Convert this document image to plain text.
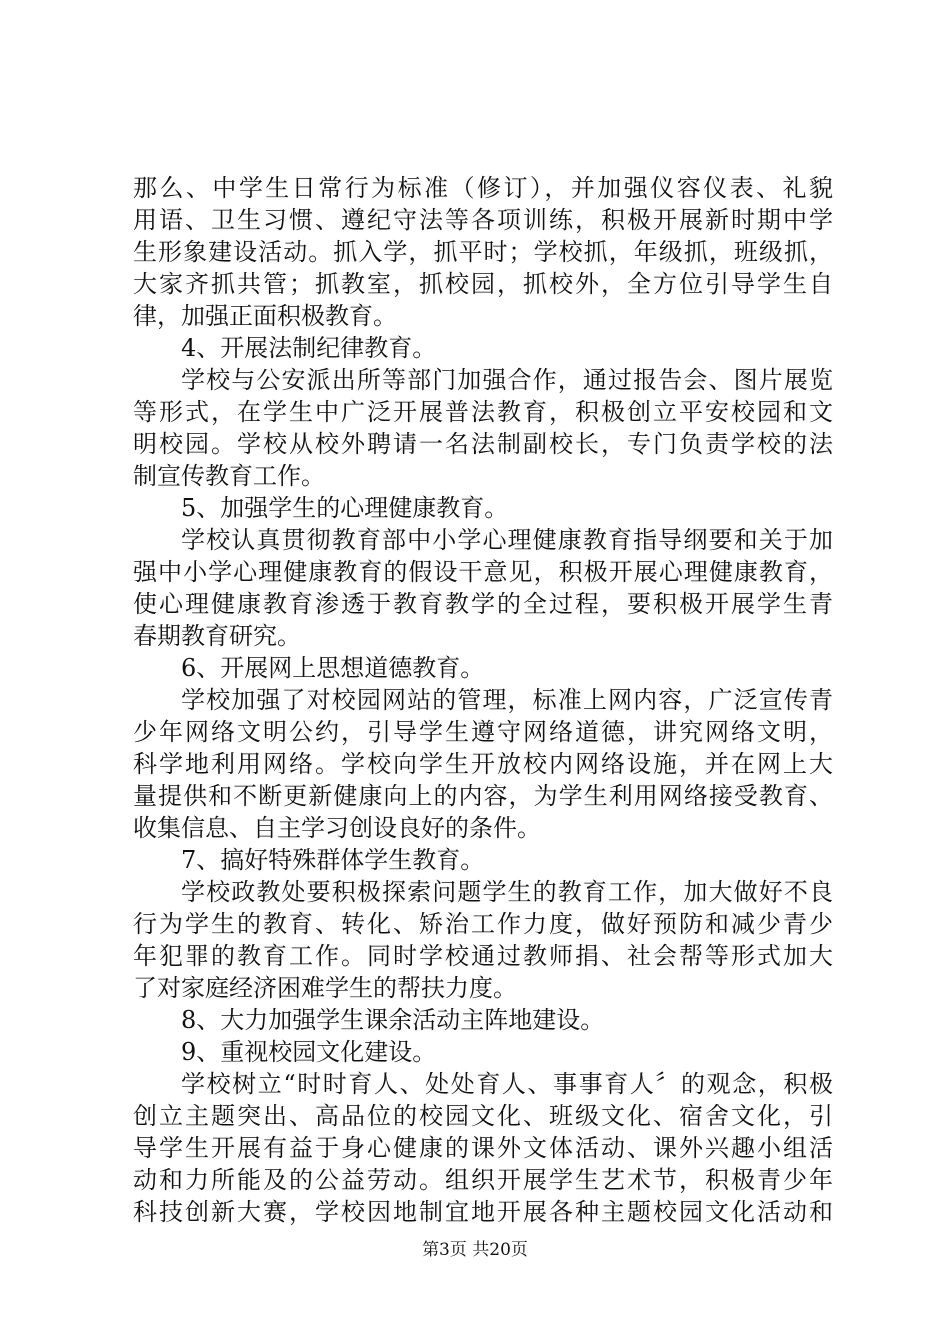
那么、中学生日常行为标准（修订），并加强仪容仪表、礼貌
用语、卫生习惯、遵纪守法等各项训练，积极开展新时期中学
生形象建设活动。抓入学，抓平时；学校抓，年级抓，班级抓，
大家齐抓共管；抓教室，抓校园，抓校外，全方位引导学生自
律，加强正面积极教育。
4、开展法制纪律教育。
学校与公安派出所等部门加强合作，通过报告会、图片展览
等形式，在学生中广泛开展普法教育，积极创立平安校园和文
明校园。学校从校外聘请一名法制副校长，专门负责学校的法
制宣传教育工作。
5、加强学生的心理健康教育。
学校认真贯彻教育部中小学心理健康教育指导纲要和关于加
强中小学心理健康教育的假设干意见，积极开展心理健康教育，
使心理健康教育渗透于教育教学的全过程，要积极开展学生青
春期教育研究。
6、开展网上思想道德教育。
学校加强了对校园网站的管理，标准上网内容，广泛宣传青
少年网络文明公约，引导学生遵守网络道德，讲究网络文明，
科学地利用网络。学校向学生开放校内网络设施，并在网上大
量提供和不断更新健康向上的内容，为学生利用网络接受教育、
收集信息、自主学习创设良好的条件。
7、搞好特殊群体学生教育。
学校政教处要积极探索问题学生的教育工作，加大做好不良
行为学生的教育、转化、矫治工作力度，做好预防和减少青少
年犯罪的教育工作。同时学校通过教师捐、社会帮等形式加大
了对家庭经济困难学生的帮扶力度。
8、大力加强学生课余活动主阵地建设。
9、重视校园文化建设。
学校树立“时时育人、处处育人、事事育人〞的观念，积极
创立主题突出、高品位的校园文化、班级文化、宿舍文化，引
导学生开展有益于身心健康的课外文体活动、课外兴趣小组活
动和力所能及的公益劳动。组织开展学生艺术节，积极青少年
科技创新大赛，学校因地制宜地开展各种主题校园文化活动和
第3页 共20页
